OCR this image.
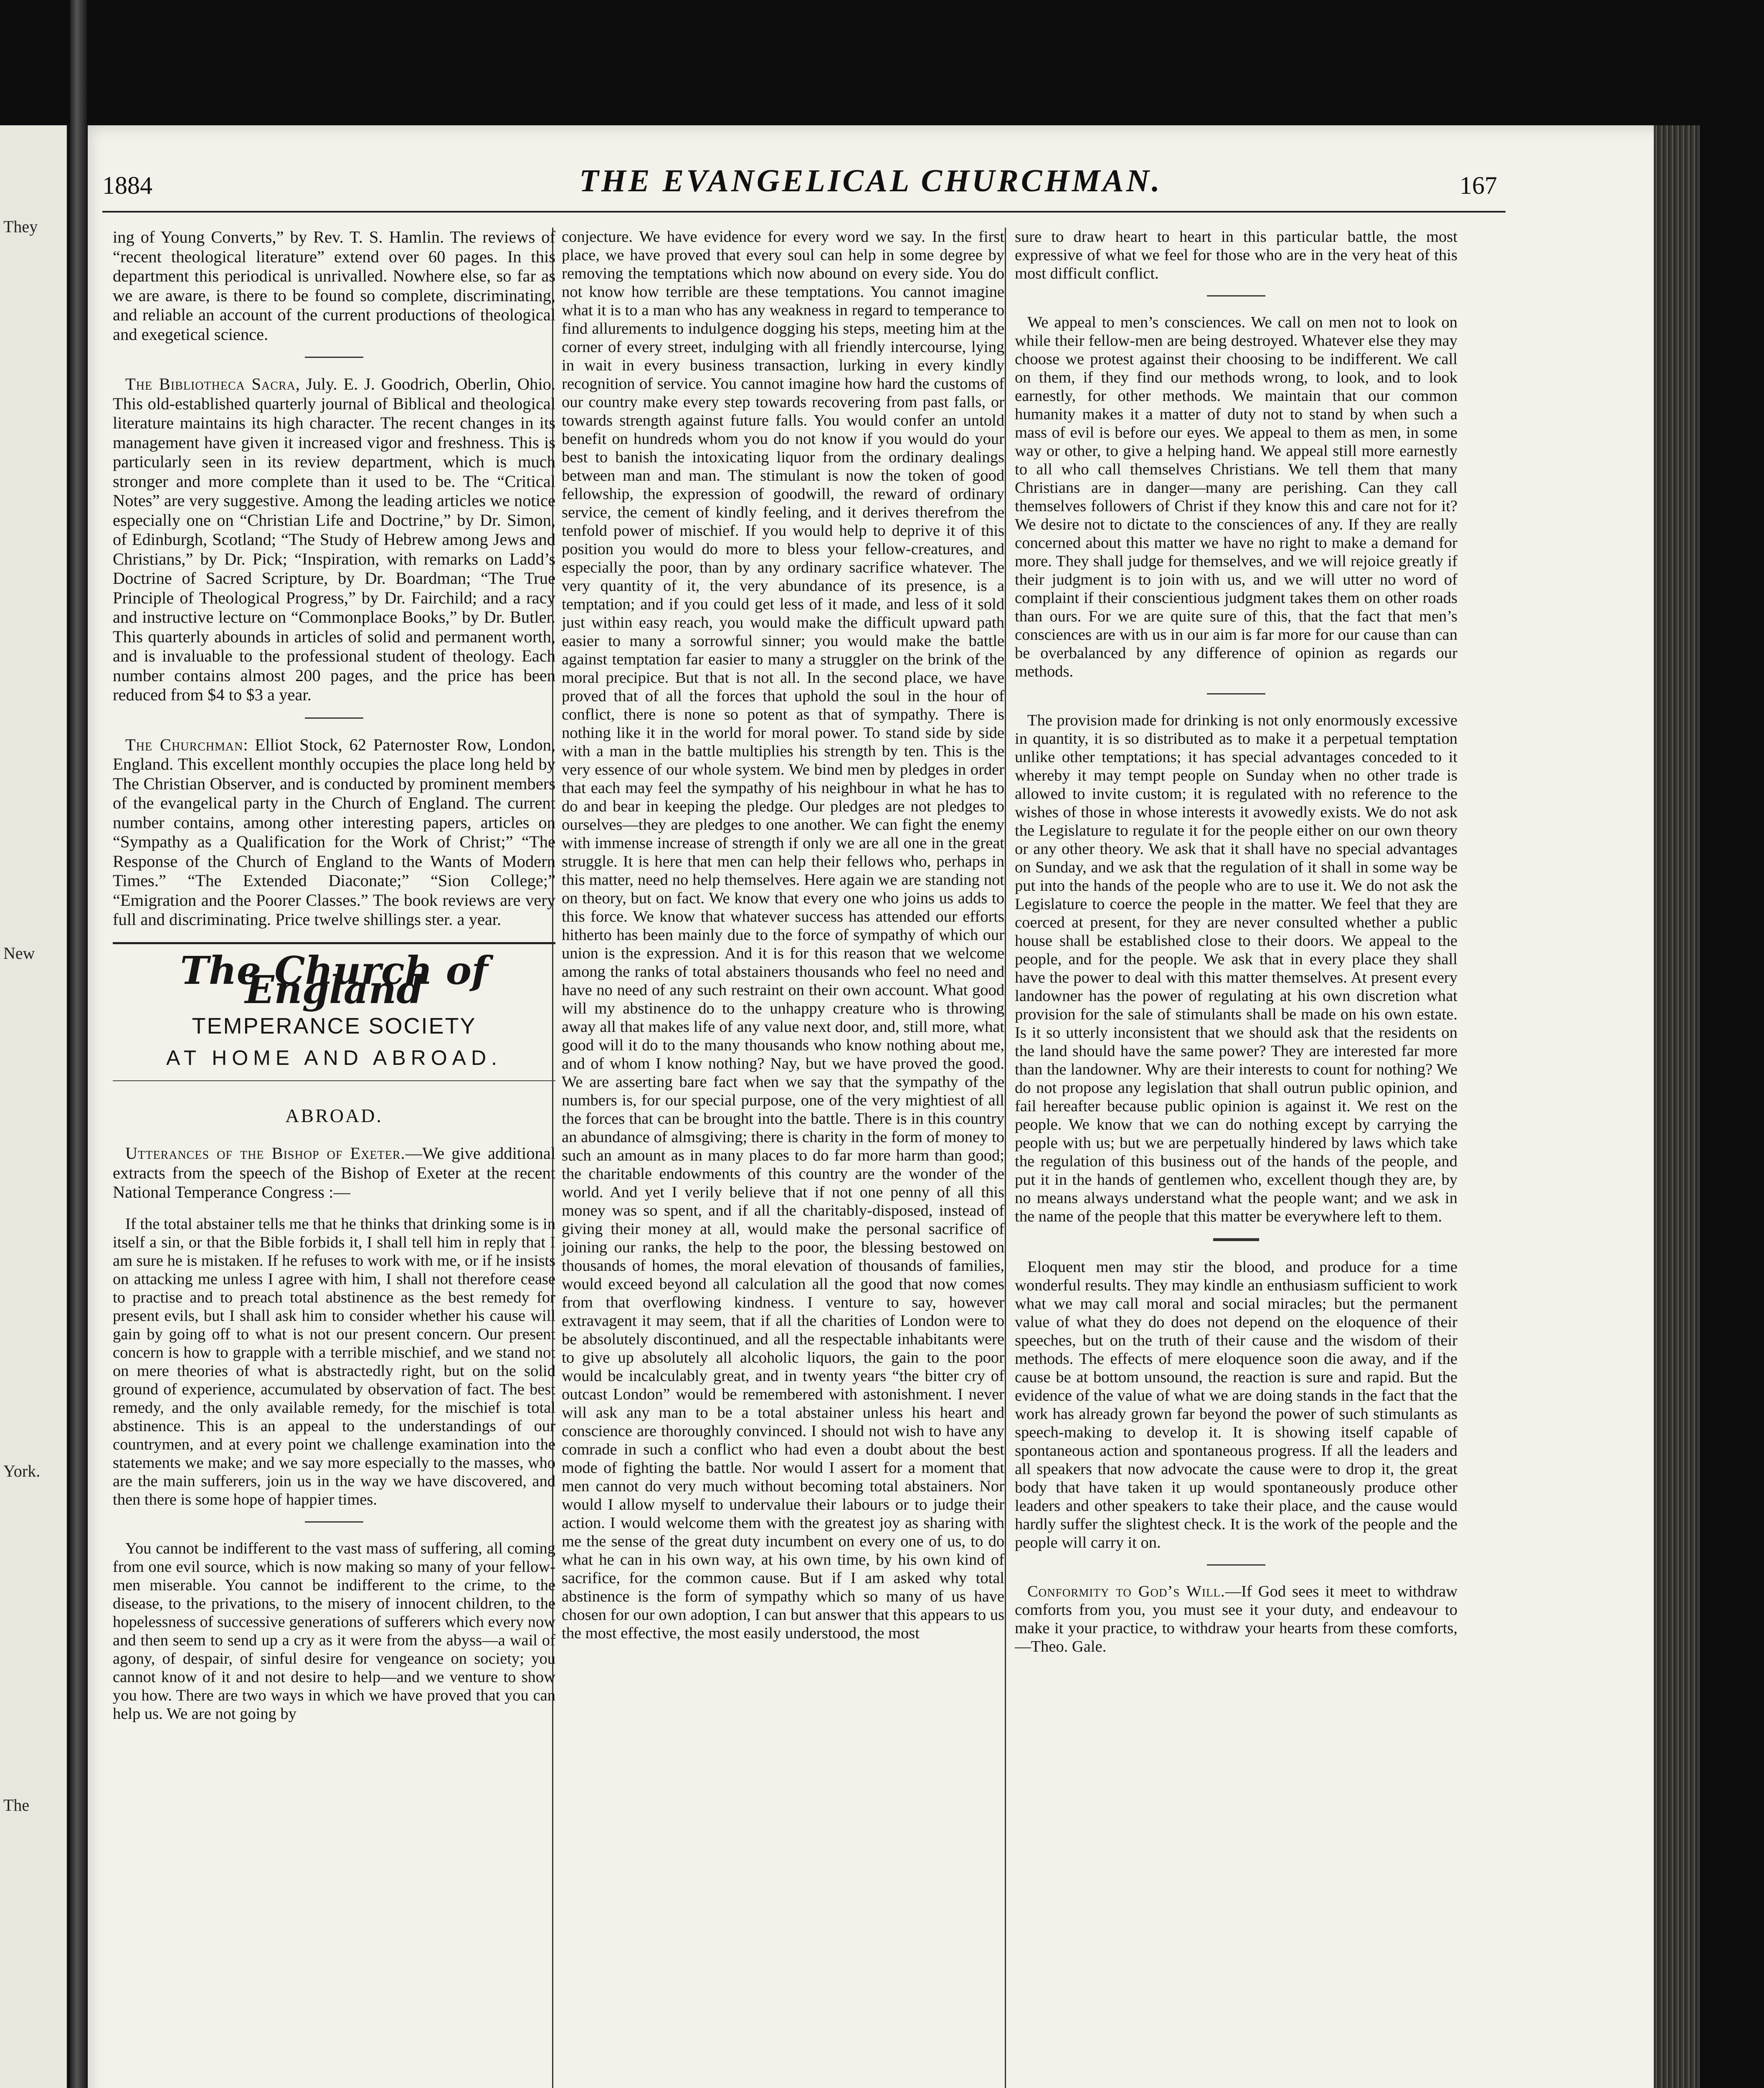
They
New
York.
The
1884	THE EVANGELICAL CHURCHMAN.	167

ing of Young Converts,” by Rev. T. S. Hamlin. The reviews of “recent theological literature” extend over 60 pages. In this department this periodical is unrivalled. Nowhere else, so far as we are aware, is there to be found so complete, discriminating, and reliable an account of the current productions of theological and exegetical science.

The Bibliotheca Sacra, July. E. J. Goodrich, Oberlin, Ohio. This old-established quarterly journal of Biblical and theological literature maintains its high character. The recent changes in its management have given it increased vigor and freshness. This is particularly seen in its review department, which is much stronger and more complete than it used to be. The “Critical Notes” are very suggestive. Among the leading articles we notice especially one on “Christian Life and Doctrine,” by Dr. Simon, of Edinburgh, Scotland; “The Study of Hebrew among Jews and Christians,” by Dr. Pick; “Inspiration, with remarks on Ladd’s Doctrine of Sacred Scripture, by Dr. Boardman; “The True Principle of Theological Progress,” by Dr. Fairchild; and a racy and instructive lecture on “Commonplace Books,” by Dr. Butler. This quarterly abounds in articles of solid and permanent worth, and is invaluable to the professional student of theology. Each number contains almost 200 pages, and the price has been reduced from $4 to $3 a year.

The Churchman: Elliot Stock, 62 Paternoster Row, London, England. This excellent monthly occupies the place long held by The Christian Observer, and is conducted by prominent members of the evangelical party in the Church of England. The current number contains, among other interesting papers, articles on “Sympathy as a Qualification for the Work of Christ;” “The Response of the Church of England to the Wants of Modern Times.” “The Extended Diaconate;” “Sion College;” “Emigration and the Poorer Classes.” The book reviews are very full and discriminating. Price twelve shillings ster. a year.

The Church of England
TEMPERANCE SOCIETY
AT HOME AND ABROAD.
ABROAD.

Utterances of the Bishop of Exeter.—We give additional extracts from the speech of the Bishop of Exeter at the recent National Temperance Congress :—

If the total abstainer tells me that he thinks that drinking some is in itself a sin, or that the Bible forbids it, I shall tell him in reply that I am sure he is mistaken. If he refuses to work with me, or if he insists on attacking me unless I agree with him, I shall not therefore cease to practise and to preach total abstinence as the best remedy for present evils, but I shall ask him to consider whether his cause will gain by going off to what is not our present concern. Our present concern is how to grapple with a terrible mischief, and we stand not on mere theories of what is abstractedly right, but on the solid ground of experience, accumulated by observation of fact. The best remedy, and the only available remedy, for the mischief is total abstinence. This is an appeal to the understandings of our countrymen, and at every point we challenge examination into the statements we make; and we say more especially to the masses, who are the main sufferers, join us in the way we have discovered, and then there is some hope of happier times.

You cannot be indifferent to the vast mass of suffering, all coming from one evil source, which is now making so many of your fellow-men miserable. You cannot be indifferent to the crime, to the disease, to the privations, to the misery of innocent children, to the hopelessness of successive generations of sufferers which every now and then seem to send up a cry as it were from the abyss—a wail of agony, of despair, of sinful desire for vengeance on society; you cannot know of it and not desire to help—and we venture to show you how. There are two ways in which we have proved that you can help us. We are not going by

conjecture. We have evidence for every word we say. In the first place, we have proved that every soul can help in some degree by removing the temptations which now abound on every side. You do not know how terrible are these temptations. You cannot imagine what it is to a man who has any weakness in regard to temperance to find allurements to indulgence dogging his steps, meeting him at the corner of every street, indulging with all friendly intercourse, lying in wait in every business transaction, lurking in every kindly recognition of service. You cannot imagine how hard the customs of our country make every step towards recovering from past falls, or towards strength against future falls. You would confer an untold benefit on hundreds whom you do not know if you would do your best to banish the intoxicating liquor from the ordinary dealings between man and man. The stimulant is now the token of good fellowship, the expression of goodwill, the reward of ordinary service, the cement of kindly feeling, and it derives therefrom the tenfold power of mischief. If you would help to deprive it of this position you would do more to bless your fellow-creatures, and especially the poor, than by any ordinary sacrifice whatever. The very quantity of it, the very abundance of its presence, is a temptation; and if you could get less of it made, and less of it sold just within easy reach, you would make the difficult upward path easier to many a sorrowful sinner; you would make the battle against temptation far easier to many a struggler on the brink of the moral precipice. But that is not all. In the second place, we have proved that of all the forces that uphold the soul in the hour of conflict, there is none so potent as that of sympathy. There is nothing like it in the world for moral power. To stand side by side with a man in the battle multiplies his strength by ten. This is the very essence of our whole system. We bind men by pledges in order that each may feel the sympathy of his neighbour in what he has to do and bear in keeping the pledge. Our pledges are not pledges to ourselves—they are pledges to one another. We can fight the enemy with immense increase of strength if only we are all one in the great struggle. It is here that men can help their fellows who, perhaps in this matter, need no help themselves. Here again we are standing not on theory, but on fact. We know that every one who joins us adds to this force. We know that whatever success has attended our efforts hitherto has been mainly due to the force of sympathy of which our union is the expression. And it is for this reason that we welcome among the ranks of total abstainers thousands who feel no need and have no need of any such restraint on their own account. What good will my abstinence do to the unhappy creature who is throwing away all that makes life of any value next door, and, still more, what good will it do to the many thousands who know nothing about me, and of whom I know nothing? Nay, but we have proved the good. We are asserting bare fact when we say that the sympathy of the numbers is, for our special purpose, one of the very mightiest of all the forces that can be brought into the battle. There is in this country an abundance of almsgiving; there is charity in the form of money to such an amount as in many places to do far more harm than good; the charitable endowments of this country are the wonder of the world. And yet I verily believe that if not one penny of all this money was so spent, and if all the charitably-disposed, instead of giving their money at all, would make the personal sacrifice of joining our ranks, the help to the poor, the blessing bestowed on thousands of homes, the moral elevation of thousands of families, would exceed beyond all calculation all the good that now comes from that overflowing kindness. I venture to say, however extravagent it may seem, that if all the charities of London were to be absolutely discontinued, and all the respectable inhabitants were to give up absolutely all alcoholic liquors, the gain to the poor would be incalculably great, and in twenty years “the bitter cry of outcast London” would be remembered with astonishment. I never will ask any man to be a total abstainer unless his heart and conscience are thoroughly convinced. I should not wish to have any comrade in such a conflict who had even a doubt about the best mode of fighting the battle. Nor would I assert for a moment that men cannot do very much without becoming total abstainers. Nor would I allow myself to undervalue their labours or to judge their action. I would welcome them with the greatest joy as sharing with me the sense of the great duty incumbent on every one of us, to do what he can in his own way, at his own time, by his own kind of sacrifice, for the common cause. But if I am asked why total abstinence is the form of sympathy which so many of us have chosen for our own adoption, I can but answer that this appears to us the most effective, the most easily understood, the most

sure to draw heart to heart in this particular battle, the most expressive of what we feel for those who are in the very heat of this most difficult conflict.

We appeal to men’s consciences. We call on men not to look on while their fellow-men are being destroyed. Whatever else they may choose we protest against their choosing to be indifferent. We call on them, if they find our methods wrong, to look, and to look earnestly, for other methods. We maintain that our common humanity makes it a matter of duty not to stand by when such a mass of evil is before our eyes. We appeal to them as men, in some way or other, to give a helping hand. We appeal still more earnestly to all who call themselves Christians. We tell them that many Christians are in danger—many are perishing. Can they call themselves followers of Christ if they know this and care not for it? We desire not to dictate to the consciences of any. If they are really concerned about this matter we have no right to make a demand for more. They shall judge for themselves, and we will rejoice greatly if their judgment is to join with us, and we will utter no word of complaint if their conscientious judgment takes them on other roads than ours. For we are quite sure of this, that the fact that men’s consciences are with us in our aim is far more for our cause than can be overbalanced by any difference of opinion as regards our methods.

The provision made for drinking is not only enormously excessive in quantity, it is so distributed as to make it a perpetual temptation unlike other temptations; it has special advantages conceded to it whereby it may tempt people on Sunday when no other trade is allowed to invite custom; it is regulated with no reference to the wishes of those in whose interests it avowedly exists. We do not ask the Legislature to regulate it for the people either on our own theory or any other theory. We ask that it shall have no special advantages on Sunday, and we ask that the regulation of it shall in some way be put into the hands of the people who are to use it. We do not ask the Legislature to coerce the people in the matter. We feel that they are coerced at present, for they are never consulted whether a public house shall be established close to their doors. We appeal to the people, and for the people. We ask that in every place they shall have the power to deal with this matter themselves. At present every landowner has the power of regulating at his own discretion what provision for the sale of stimulants shall be made on his own estate. Is it so utterly inconsistent that we should ask that the residents on the land should have the same power? They are interested far more than the landowner. Why are their interests to count for nothing? We do not propose any legislation that shall outrun public opinion, and fail hereafter because public opinion is against it. We rest on the people. We know that we can do nothing except by carrying the people with us; but we are perpetually hindered by laws which take the regulation of this business out of the hands of the people, and put it in the hands of gentlemen who, excellent though they are, by no means always understand what the people want; and we ask in the name of the people that this matter be everywhere left to them.

Eloquent men may stir the blood, and produce for a time wonderful results. They may kindle an enthusiasm sufficient to work what we may call moral and social miracles; but the permanent value of what they do does not depend on the eloquence of their speeches, but on the truth of their cause and the wisdom of their methods. The effects of mere eloquence soon die away, and if the cause be at bottom unsound, the reaction is sure and rapid. But the evidence of the value of what we are doing stands in the fact that the work has already grown far beyond the power of such stimulants as speech-making to develop it. It is showing itself capable of spontaneous action and spontaneous progress. If all the leaders and all speakers that now advocate the cause were to drop it, the great body that have taken it up would spontaneously produce other leaders and other speakers to take their place, and the cause would hardly suffer the slightest check. It is the work of the people and the people will carry it on.

Conformity to God’s Will.—If God sees it meet to withdraw comforts from you, you must see it your duty, and endeavour to make it your practice, to withdraw your hearts from these comforts, —Theo. Gale.
